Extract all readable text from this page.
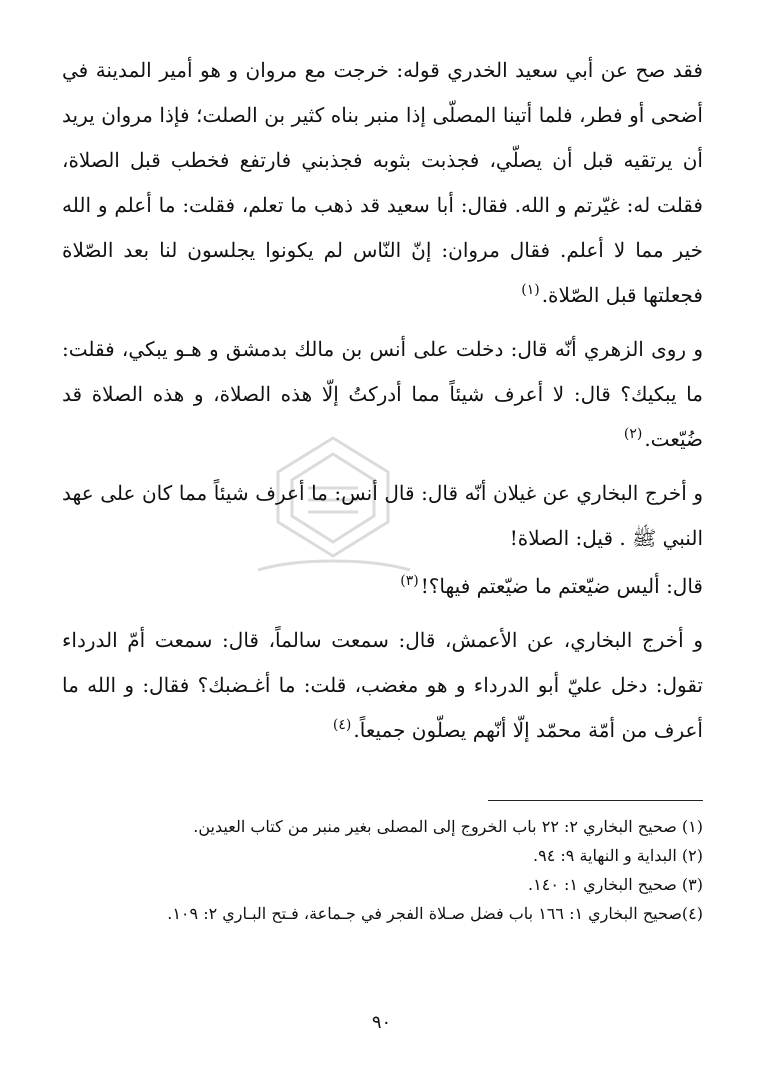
فقد صح عن أبي سعيد الخدري قوله: خرجت مع مروان و هو أمير المدينة في أضحى أو فطر، فلما أتينا المصلّى إذا منبر بناه كثير بن الصلت؛ فإذا مروان يريد أن يرتقيه قبل أن يصلّي، فجذبت بثوبه فجذبني فارتفع فخطب قبل الصلاة، فقلت له: غيّرتم و الله. فقال: أبا سعيد قد ذهب ما تعلم، فقلت: ما أعلم و الله خير مما لا أعلم. فقال مروان: إنّ النّاس لم يكونوا يجلسون لنا بعد الصّلاة فجعلتها قبل الصّلاة.$^{(١)}$

و روى الزهري أنّه قال: دخلت على أنس بن مالك بدمشق و هـو يبكي، فقلت: ما يبكيك؟ قال: لا أعرف شيئاً مما أدركتُ إلّا هذه الصلاة، و هذه الصلاة قد ضُيّعت.$^{(٢)}$

و أخرج البخاري عن غيلان أنّه قال: قال أنس: ما أعرف شيئاً مما كان على عهد النبي ﷺ . قيل: الصلاة!

قال: أليس ضيّعتم ما ضيّعتم فيها؟!$^{(٣)}$

و أخرج البخاري، عن الأعمش، قال: سمعت سالماً، قال: سمعت أمّ الدرداء تقول: دخل عليّ أبو الدرداء و هو مغضب، قلت: ما أغـضبك؟ فقال: و الله ما أعرف من أمّة محمّد إلّا أنّهم يصلّون جميعاً.$^{(٤)}$

(١) صحيح البخاري ٢: ٢٢ باب الخروج إلى المصلى بغير منبر من كتاب العيدين.
(٢) البداية و النهاية ٩: ٩٤.
(٣) صحيح البخاري ١: ١٤٠.
(٤)صحيح البخاري ١: ١٦٦ باب فضل صـلاة الفجر في جـماعة، فـتح البـاري ٢: ١٠٩.
٩٠
